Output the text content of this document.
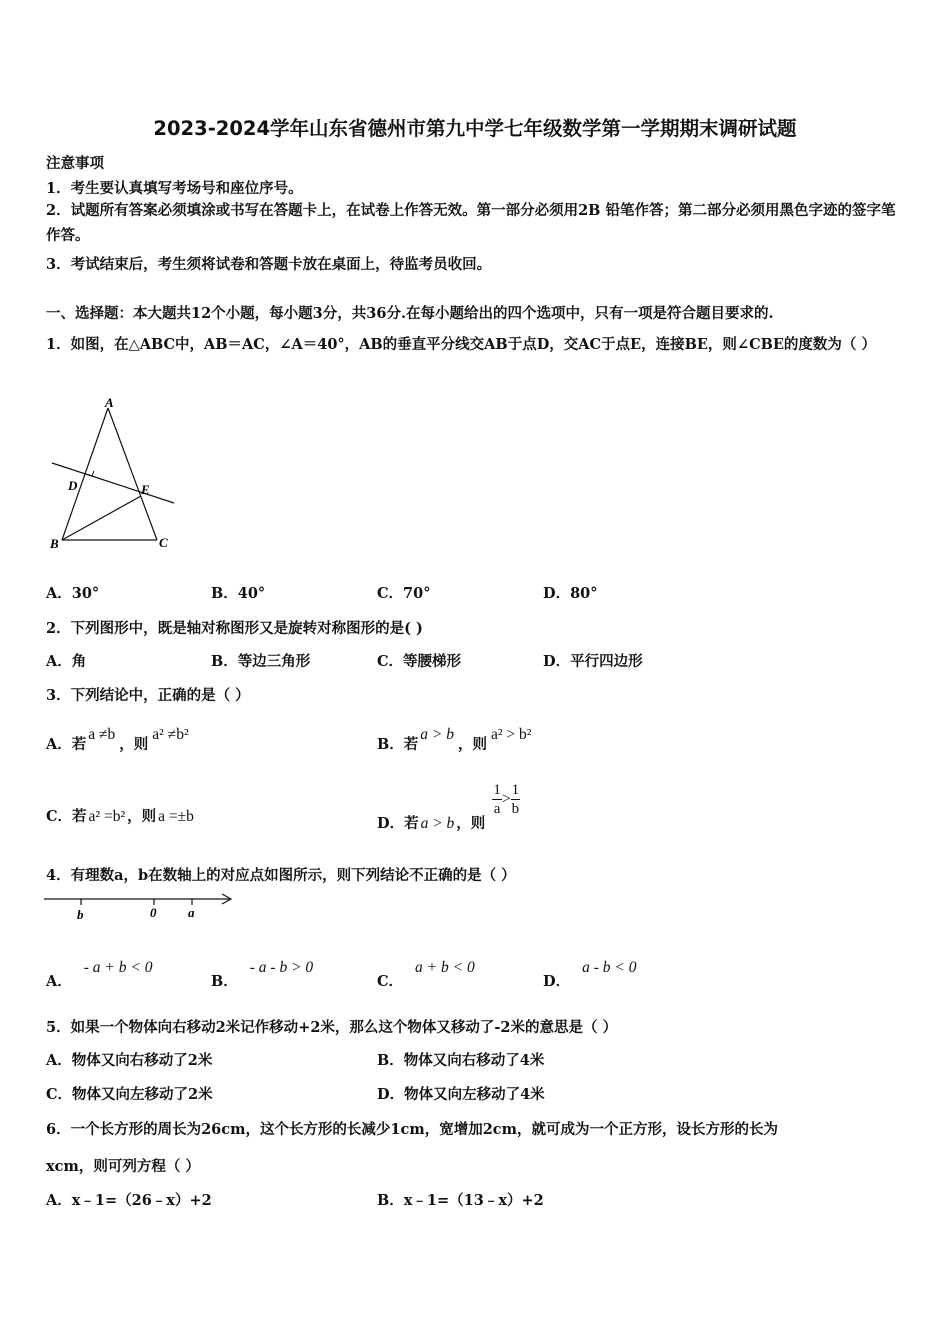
2023-2024学年山东省德州市第九中学七年级数学第一学期期末调研试题
注意事项
1．考生要认真填写考场号和座位序号。
2．试题所有答案必须填涂或书写在答题卡上，在试卷上作答无效。第一部分必须用2B 铅笔作答；第二部分必须用黑色字迹的签字笔作答。
3．考试结束后，考生须将试卷和答题卡放在桌面上，待监考员收回。
一、选择题：本大题共12个小题，每小题3分，共36分.在每小题给出的四个选项中，只有一项是符合题目要求的.
1．如图，在△ABC中，AB＝AC，∠A＝40°，AB的垂直平分线交AB于点D，交AC于点E，连接BE，则∠CBE的度数为（ ）
A
D	E
B	C
A．30°	B．40°	C．70°	D．80°
2．下列图形中，既是轴对称图形又是旋转对称图形的是( )
A．角	B．等边三角形	C．等腰梯形	D．平行四边形
3．下列结论中，正确的是（ ）
A．若a ≠b，则a² ≠b²
B．若a > b，则a² > b²
C．若 a² =b² ，则 a =±b	D．若 a > b ，则
$\frac{1}{a} > \frac{1}{b}$
4．有理数a，b在数轴上的对应点如图所示，则下列结论不正确的是（ ）
b	0 a
A．- a + b < 0
B．- a - b > 0
C．a + b < 0
D．a - b < 0
5．如果一个物体向右移动2米记作移动+2米，那么这个物体又移动了-2米的意思是（ ）
A．物体又向右移动了2米	B．物体又向右移动了4米
C．物体又向左移动了2米	D．物体又向左移动了4米
6．一个长方形的周长为26cm，这个长方形的长减少1cm，宽增加2cm，就可成为一个正方形，设长方形的长为
xcm，则可列方程（ ）
A．x﹣1=（26﹣x）+2	B．x﹣1=（13﹣x）+2
